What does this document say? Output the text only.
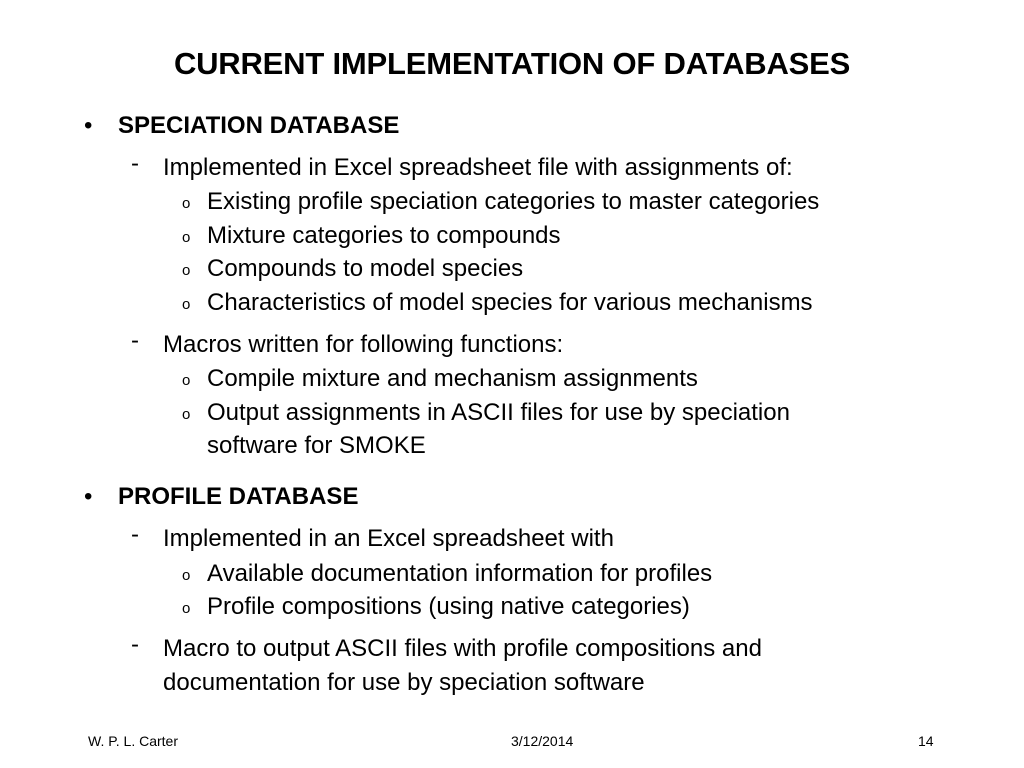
CURRENT IMPLEMENTATION OF DATABASES
• SPECIATION DATABASE
- Implemented in Excel spreadsheet file with assignments of:
o Existing profile speciation categories to master categories
o Mixture categories to compounds
o Compounds to model species
o Characteristics of model species for various mechanisms
- Macros written for following functions:
o Compile mixture and mechanism assignments
o Output assignments in ASCII files for use by speciation
software for SMOKE
• PROFILE DATABASE
- Implemented in an Excel spreadsheet with
o Available documentation information for profiles
o Profile compositions (using native categories)
- Macro to output ASCII files with profile compositions and
documentation for use by speciation software
W. P. L. Carter	3/12/2014	14
